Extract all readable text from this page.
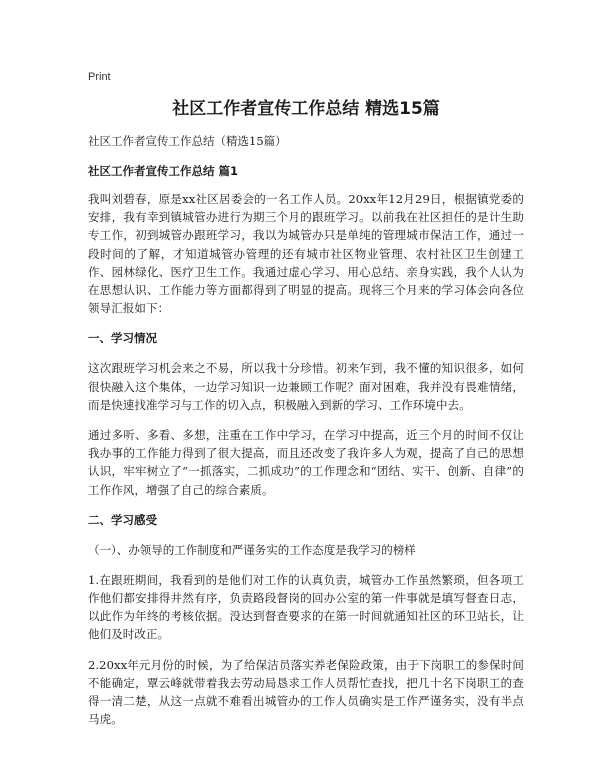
Print
社区工作者宣传工作总结 精选15篇

社区工作者宣传工作总结（精选15篇）

社区工作者宣传工作总结 篇1

我叫刘碧春，原是xx社区居委会的一名工作人员。20xx年12月29日，根据镇党委的安排，我有幸到镇城管办进行为期三个月的跟班学习。以前我在社区担任的是计生助专工作，初到城管办跟班学习，我以为城管办只是单纯的管理城市保洁工作，通过一段时间的了解，才知道城管办管理的还有城市社区物业管理、农村社区卫生创建工作、园林绿化、医疗卫生工作。我通过虚心学习、用心总结、亲身实践，我个人认为在思想认识、工作能力等方面都得到了明显的提高。现将三个月来的学习体会向各位领导汇报如下：

一、学习情况

这次跟班学习机会来之不易，所以我十分珍惜。初来乍到，我不懂的知识很多，如何很快融入这个集体，一边学习知识一边兼顾工作呢？面对困难，我并没有畏难情绪，而是快速找准学习与工作的切入点，积极融入到新的学习、工作环境中去。

通过多听、多看、多想，注重在工作中学习，在学习中提高，近三个月的时间不仅让我办事的工作能力得到了很大提高，而且还改变了我许多人为观，提高了自己的思想认识，牢牢树立了“一抓落实，二抓成功”的工作理念和“团结、实干、创新、自律”的工作作风，增强了自己的综合素质。

二、学习感受

（一）、办领导的工作制度和严谨务实的工作态度是我学习的榜样

1.在跟班期间，我看到的是他们对工作的认真负责，城管办工作虽然繁琐，但各项工作他们都安排得井然有序，负责路段督岗的回办公室的第一件事就是填写督查日志，以此作为年终的考核依据。没达到督查要求的在第一时间就通知社区的环卫站长，让他们及时改正。

2.20xx年元月份的时候，为了给保洁员落实养老保险政策，由于下岗职工的参保时间不能确定，覃云峰就带着我去劳动局恳求工作人员帮忙查找，把几十名下岗职工的查得一清二楚，从这一点就不难看出城管办的工作人员确实是工作严谨务实，没有半点马虎。
